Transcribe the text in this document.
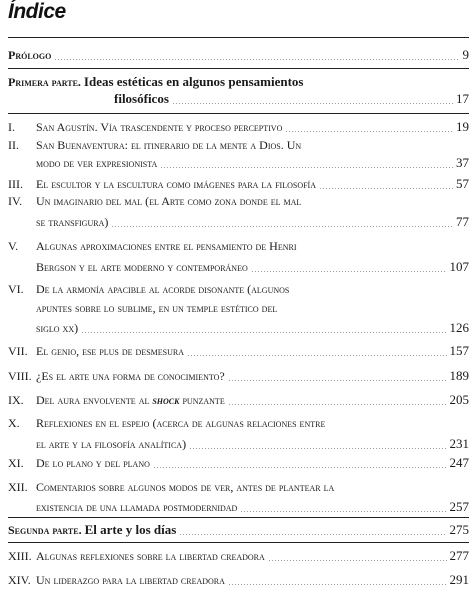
Índice
Prólogo	9
Primera parte. Ideas estéticas en algunos pensamientos
filosóficos	17
I.	San Agustín. Vía trascendente y proceso perceptivo	19
II.	San Buenaventura: el itinerario de la mente a Dios. Un
modo de ver expresionista	37
III.	El escultor y la escultura como imágenes para la filosofía	57
IV.	Un imaginario del mal (el Arte como zona donde el mal
se transfigura)	77
V.	Algunas aproximaciones entre el pensamiento de Henri
Bergson y el arte moderno y contemporáneo	107
VI.	De la armonía apacible al acorde disonante (algunos
apuntes sobre lo sublime, en un temple estético del
siglo xx)	126
VII. El genio, ese plus de desmesura	157
VIII. ¿Es el arte una forma de conocimiento?	189
IX.	Del aura envolvente al shock punzante	205
X.	Reflexiones en el espejo (acerca de algunas relaciones entre
el arte y la filosofía analítica)	231
XI.	De lo plano y del plano	247
XII. Comentarios sobre algunos modos de ver, antes de plantear la
existencia de una llamada postmodernidad	257
Segunda parte. El arte y los días	275
XIII. Algunas reflexiones sobre la libertad creadora	277
XIV. Un liderazgo para la libertad creadora	291
